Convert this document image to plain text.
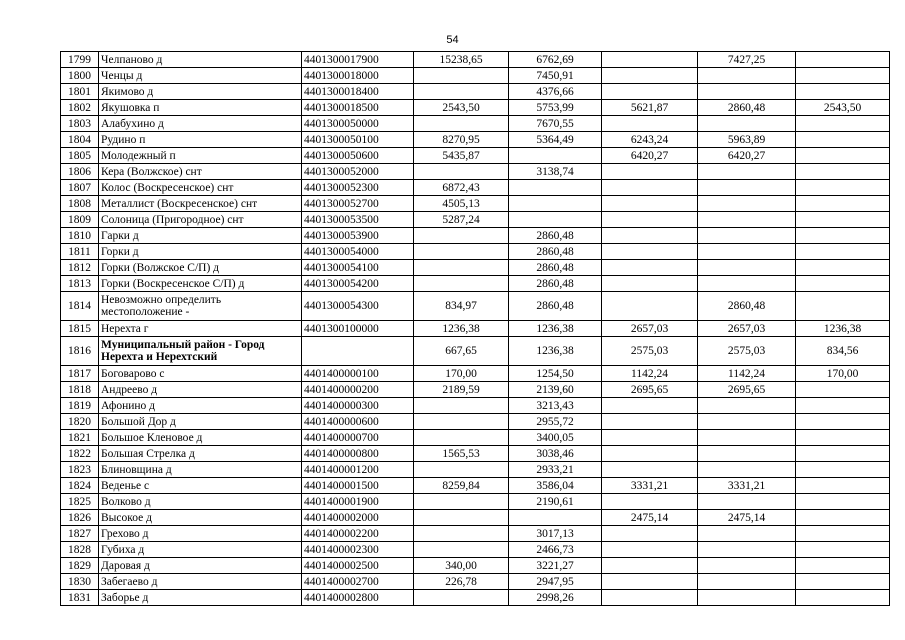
54
1799	Челпаново д	4401300017900	15238,65	6762,69		7427,25	
1800	Ченцы д	4401300018000		7450,91			
1801	Якимово д	4401300018400		4376,66			
1802	Якушовка п	4401300018500	2543,50	5753,99	5621,87	2860,48	2543,50
1803	Алабухино д	4401300050000		7670,55			
1804	Рудино п	4401300050100	8270,95	5364,49	6243,24	5963,89	
1805	Молодежный п	4401300050600	5435,87		6420,27	6420,27	
1806	Кера (Волжское) снт	4401300052000		3138,74			
1807	Колос (Воскресенское) снт	4401300052300	6872,43				
1808	Металлист (Воскресенское) снт	4401300052700	4505,13				
1809	Солоница (Пригородное) снт	4401300053500	5287,24				
1810	Гарки д	4401300053900		2860,48			
1811	Горки д	4401300054000		2860,48			
1812	Горки (Волжское С/П) д	4401300054100		2860,48			
1813	Горки (Воскресенское С/П) д	4401300054200		2860,48			
1814	Невозможно определить местоположение -	4401300054300	834,97	2860,48		2860,48	
1815	Нерехта г	4401300100000	1236,38	1236,38	2657,03	2657,03	1236,38
1816	Муниципальный район - Город Нерехта и Нерехтский		667,65	1236,38	2575,03	2575,03	834,56
1817	Боговарово с	4401400000100	170,00	1254,50	1142,24	1142,24	170,00
1818	Андреево д	4401400000200	2189,59	2139,60	2695,65	2695,65	
1819	Афонино д	4401400000300		3213,43			
1820	Большой Дор д	4401400000600		2955,72			
1821	Большое Кленовое д	4401400000700		3400,05			
1822	Большая Стрелка д	4401400000800	1565,53	3038,46			
1823	Блиновщина д	4401400001200		2933,21			
1824	Веденье с	4401400001500	8259,84	3586,04	3331,21	3331,21	
1825	Волково д	4401400001900		2190,61			
1826	Высокое д	4401400002000			2475,14	2475,14	
1827	Грехово д	4401400002200		3017,13			
1828	Губиха д	4401400002300		2466,73			
1829	Даровая д	4401400002500	340,00	3221,27			
1830	Забегаево д	4401400002700	226,78	2947,95			
1831	Заборье д	4401400002800		2998,26			
